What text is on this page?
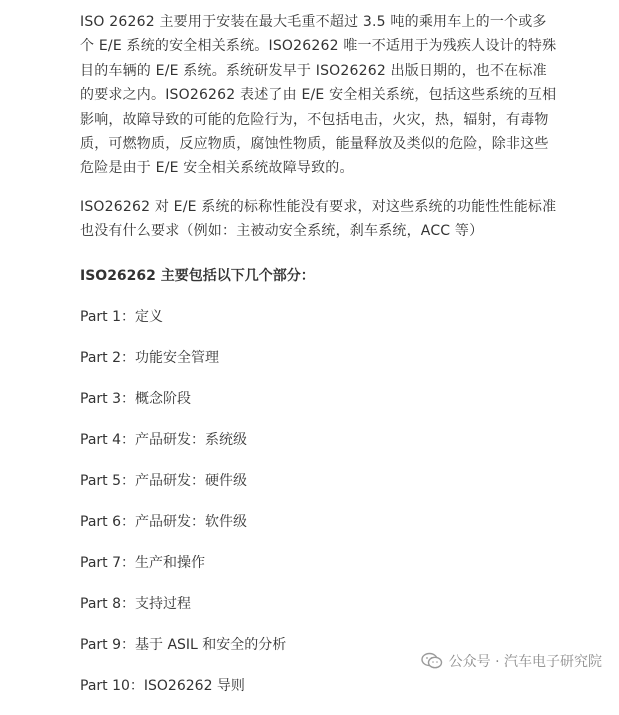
ISO 26262 主要用于安装在最大毛重不超过 3.5 吨的乘用车上的一个或多个 E/E 系统的安全相关系统。ISO26262 唯一不适用于为残疾人设计的特殊目的车辆的 E/E 系统。系统研发早于 ISO26262 出版日期的，也不在标准的要求之内。ISO26262 表述了由 E/E 安全相关系统，包括这些系统的互相影响，故障导致的可能的危险行为，不包括电击，火灾，热，辐射，有毒物质，可燃物质，反应物质，腐蚀性物质，能量释放及类似的危险，除非这些危险是由于 E/E 安全相关系统故障导致的。

ISO26262 对 E/E 系统的标称性能没有要求，对这些系统的功能性性能标准也没有什么要求（例如：主被动安全系统，刹车系统，ACC 等）

ISO26262 主要包括以下几个部分：
Part 1：定义
Part 2：功能安全管理
Part 3：概念阶段
Part 4：产品研发：系统级
Part 5：产品研发：硬件级
Part 6：产品研发：软件级
Part 7：生产和操作
Part 8：支持过程
Part 9：基于 ASIL 和安全的分析
Part 10：ISO26262 导则
公众号 · 汽车电子研究院
